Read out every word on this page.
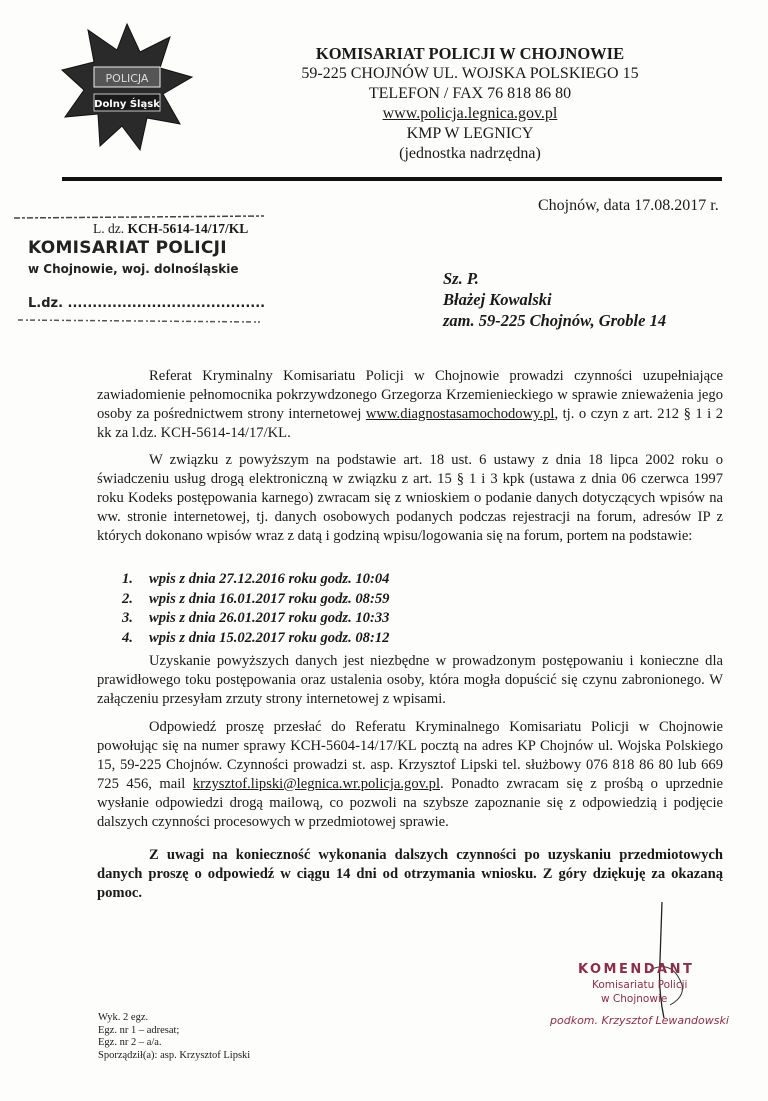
POLICJA
Dolny Śląsk
KOMISARIAT POLICJI W CHOJNOWIE
59-225 CHOJNÓW UL. WOJSKA POLSKIEGO 15
TELEFON / FAX 76 818 86 80
www.policja.legnica.gov.pl
KMP W LEGNICY
(jednostka nadrzędna)
Chojnów, data 17.08.2017 r.
L. dz. KCH-5614-14/17/KL
KOMISARIAT POLICJI
w Chojnowie, woj. dolnośląskie
L.dz. ........................................
Sz. P.
Błażej Kowalski
zam. 59-225 Chojnów, Groble 14

Referat Kryminalny Komisariatu Policji w Chojnowie prowadzi czynności uzupełniające zawiadomienie pełnomocnika pokrzywdzonego Grzegorza Krzemienieckiego w sprawie znieważenia jego osoby za pośrednictwem strony internetowej www.diagnostasamochodowy.pl, tj. o czyn z art. 212 § 1 i 2 kk za l.dz. KCH-5614-14/17/KL.

W związku z powyższym na podstawie art. 18 ust. 6 ustawy z dnia 18 lipca 2002 roku o świadczeniu usług drogą elektroniczną w związku z art. 15 § 1 i 3 kpk (ustawa z dnia 06 czerwca 1997 roku Kodeks postępowania karnego) zwracam się z wnioskiem o podanie danych dotyczących wpisów na ww. stronie internetowej, tj. danych osobowych podanych podczas rejestracji na forum, adresów IP z których dokonano wpisów wraz z datą i godziną wpisu/logowania się na forum, portem na podstawie:

1.	wpis z dnia 27.12.2016 roku godz. 10:04
2.	wpis z dnia 16.01.2017 roku godz. 08:59
3.	wpis z dnia 26.01.2017 roku godz. 10:33
4.	wpis z dnia 15.02.2017 roku godz. 08:12

Uzyskanie powyższych danych jest niezbędne w prowadzonym postępowaniu i konieczne dla prawidłowego toku postępowania oraz ustalenia osoby, która mogła dopuścić się czynu zabronionego. W załączeniu przesyłam zrzuty strony internetowej z wpisami.

Odpowiedź proszę przesłać do Referatu Kryminalnego Komisariatu Policji w Chojnowie powołując się na numer sprawy KCH-5604-14/17/KL pocztą na adres KP Chojnów ul. Wojska Polskiego 15, 59-225 Chojnów. Czynności prowadzi st. asp. Krzysztof Lipski tel. służbowy 076 818 86 80 lub 669 725 456, mail krzysztof.lipski@legnica.wr.policja.gov.pl. Ponadto zwracam się z prośbą o uprzednie wysłanie odpowiedzi drogą mailową, co pozwoli na szybsze zapoznanie się z odpowiedzią i podjęcie dalszych czynności procesowych w przedmiotowej sprawie.

Z uwagi na konieczność wykonania dalszych czynności po uzyskaniu przedmiotowych danych proszę o odpowiedź w ciągu 14 dni od otrzymania wniosku. Z góry dziękuję za okazaną pomoc.

KOMENDANT
Komisariatu Policji
w Chojnowie
podkom. Krzysztof Lewandowski
Wyk. 2 egz.
Egz. nr 1 – adresat;
Egz. nr 2 – a/a.
Sporządził(a): asp. Krzysztof Lipski
